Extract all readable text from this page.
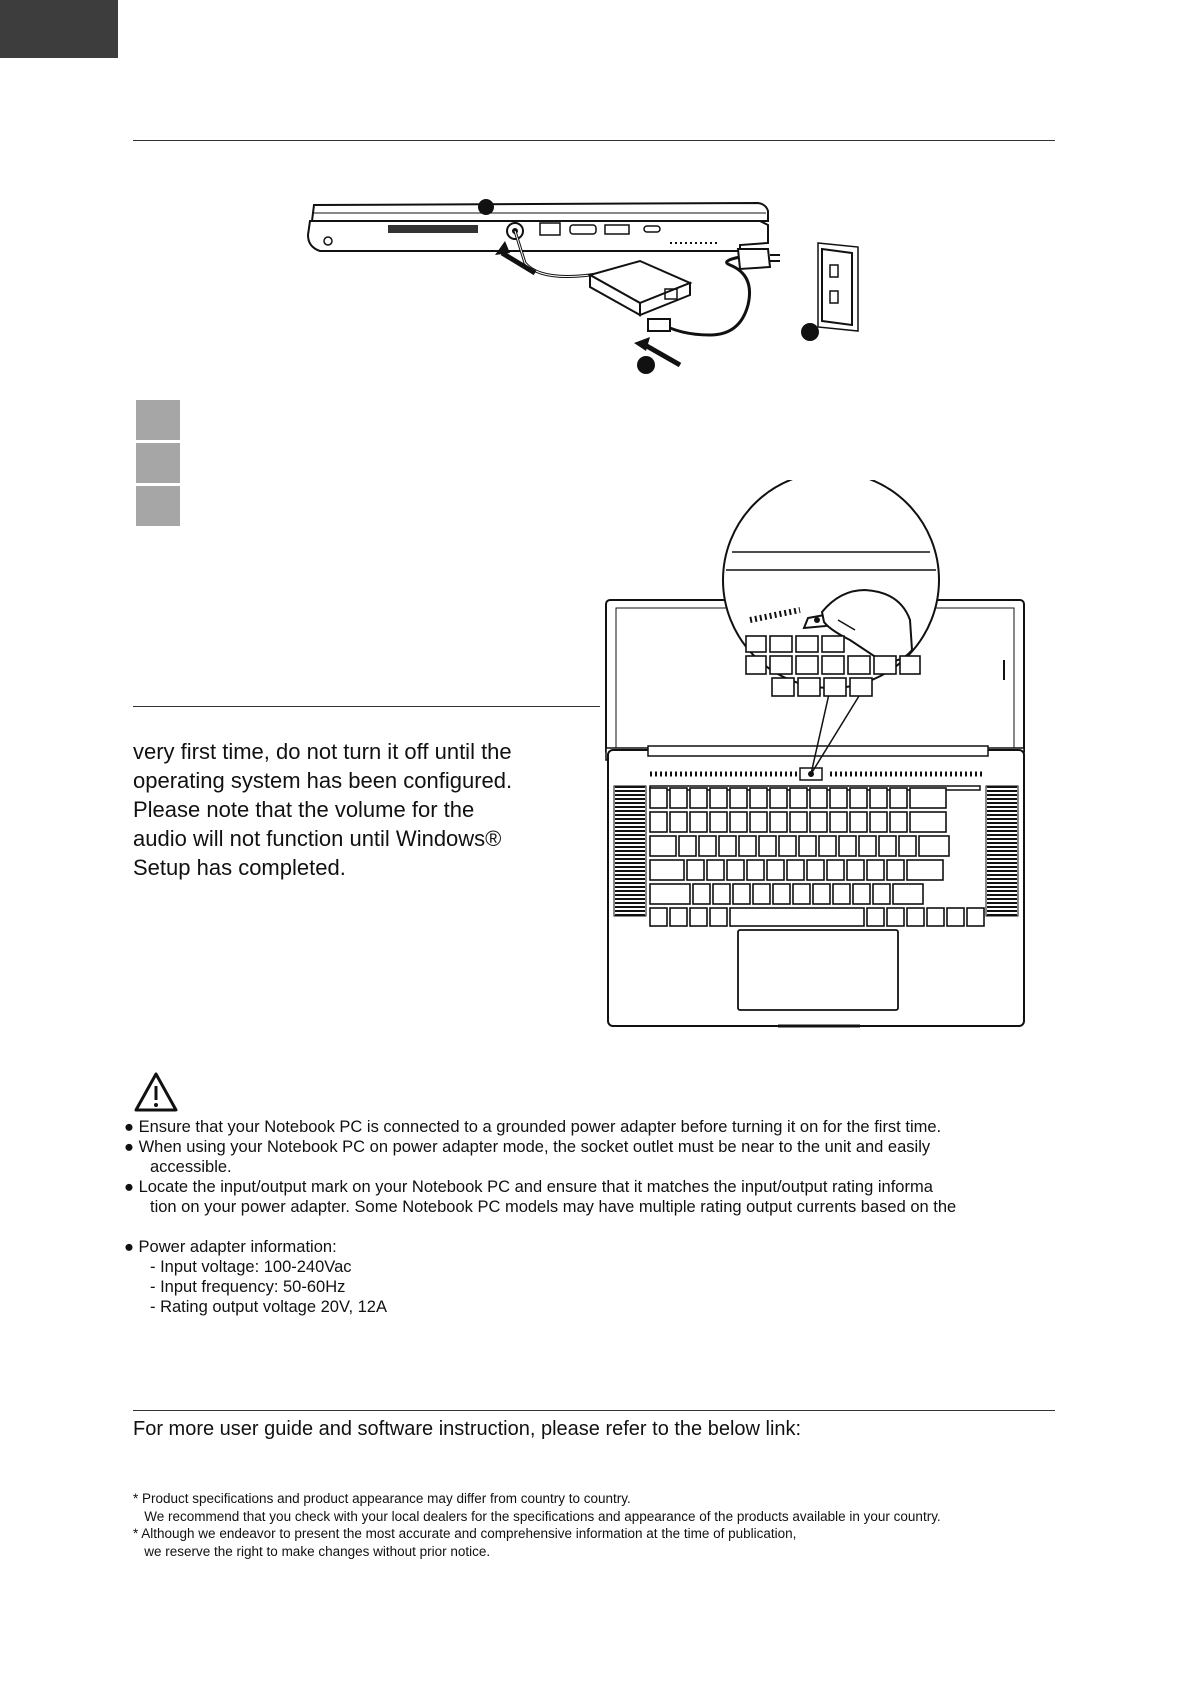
very first time, do not turn it off until the
operating system has been configured.
Please note that the volume for the
audio will not function until Windows®
Setup has completed.
● Ensure that your Notebook PC is connected to a grounded power adapter before turning it on for the first time.
● When using your Notebook PC on power adapter mode, the socket outlet must be near to the unit and easily
accessible.
● Locate the input/output mark on your Notebook PC and ensure that it matches the input/output rating informa
tion on your power adapter. Some Notebook PC models may have multiple rating output currents based on the
● Power adapter information:
- Input voltage: 100-240Vac
- Input frequency: 50-60Hz
- Rating output voltage 20V, 12A
For more user guide and software instruction, please refer to the below link:
* Product specifications and product appearance may differ from country to country.
We recommend that you check with your local dealers for the specifications and appearance of the products available in your country.
* Although we endeavor to present the most accurate and comprehensive information at the time of publication,
we reserve the right to make changes without prior notice.
